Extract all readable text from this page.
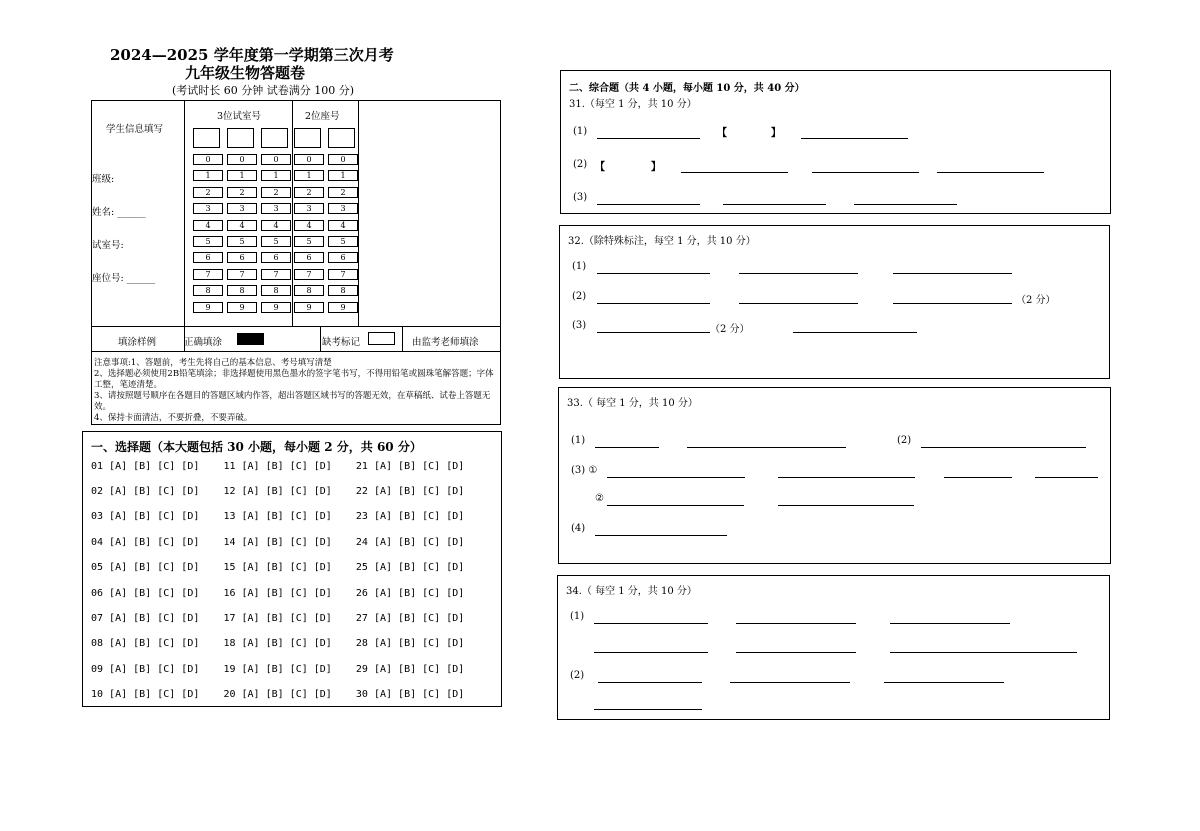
2024—2025 学年度第一学期第三次月考
九年级生物答题卷
(考试时长 60 分钟 试卷满分 100 分)
学生信息填写
3位试室号	2位座号
班级:
姓名: ______
试室号:
座位号: ______
0	0	0	0	0
1	1	1	1	1
2	2	2	2	2
3	3	3	3	3
4	4	4	4	4
5	5	5	5	5
6	6	6	6	6
7	7	7	7	7
8	8	8	8	8
9	9	9	9	9
填涂样例	正确填涂	缺考标记	由监考老师填涂
注意事项:1、答题前，考生先将自己的基本信息、考号填写清楚
2、选择题必须使用2B铅笔填涂；非选择题使用黑色墨水的签字笔书写，不得用铅笔或圆珠笔解答题；字体工整，笔迹清楚。
3、请按照题号顺序在各题目的答题区域内作答，超出答题区域书写的答题无效，在草稿纸、试卷上答题无效。
4、保持卡面清洁，不要折叠，不要弄破。
一、选择题（本大题包括 30 小题，每小题 2 分，共 60 分）
01 [A] [B] [C] [D]    11 [A] [B] [C] [D]    21 [A] [B] [C] [D]
02 [A] [B] [C] [D]    12 [A] [B] [C] [D]    22 [A] [B] [C] [D]
03 [A] [B] [C] [D]    13 [A] [B] [C] [D]    23 [A] [B] [C] [D]
04 [A] [B] [C] [D]    14 [A] [B] [C] [D]    24 [A] [B] [C] [D]
05 [A] [B] [C] [D]    15 [A] [B] [C] [D]    25 [A] [B] [C] [D]
06 [A] [B] [C] [D]    16 [A] [B] [C] [D]    26 [A] [B] [C] [D]
07 [A] [B] [C] [D]    17 [A] [B] [C] [D]    27 [A] [B] [C] [D]
08 [A] [B] [C] [D]    18 [A] [B] [C] [D]    28 [A] [B] [C] [D]
09 [A] [B] [C] [D]    19 [A] [B] [C] [D]    29 [A] [B] [C] [D]
10 [A] [B] [C] [D]    20 [A] [B] [C] [D]    30 [A] [B] [C] [D]
二、综合题（共 4 小题，每小题 10 分，共 40 分）
31.（每空 1 分，共 10 分）
(1)	【	】
(2) 【	】
(3)
32.（除特殊标注，每空 1 分，共 10 分）
(1)
(2)	（2 分）
(3)	（2 分）
33.（ 每空 1 分，共 10 分）
(1)	(2)
(3) ①
②
(4)
34.（ 每空 1 分，共 10 分）
(1)
(2)
